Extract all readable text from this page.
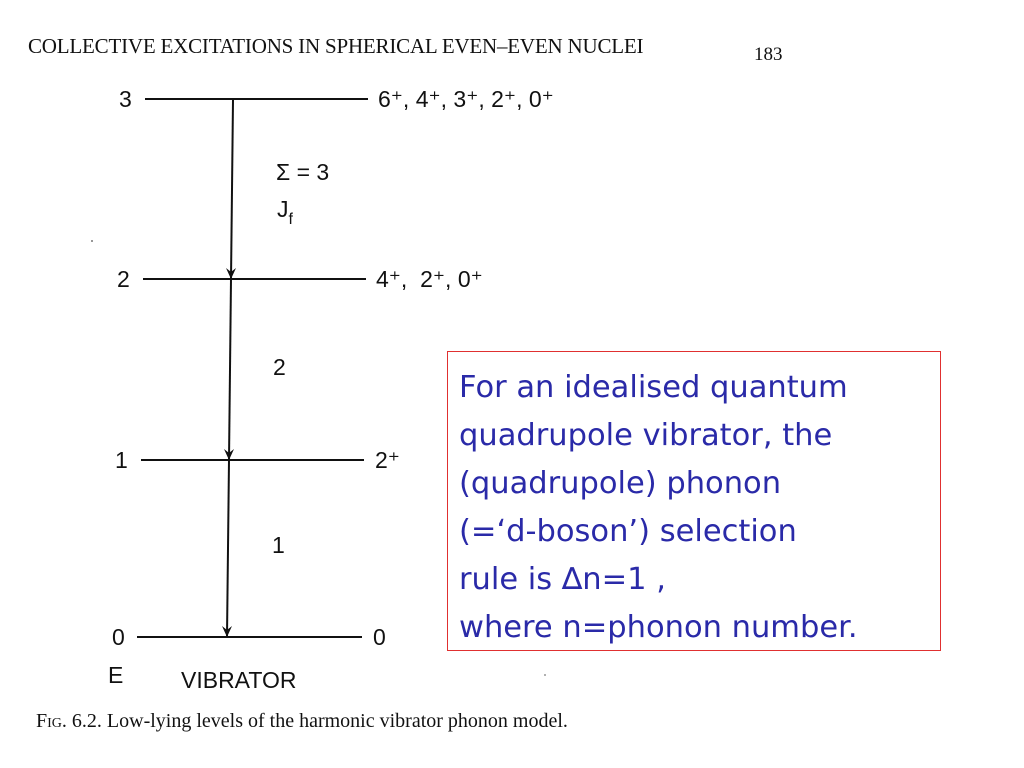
COLLECTIVE EXCITATIONS IN SPHERICAL EVEN–EVEN NUCLEI	183
3
2
1
0
6⁺, 4⁺, 3⁺, 2⁺, 0⁺
4⁺,  2⁺, 0⁺
2⁺
0
Σ = 3
$J_f$
2
1
E	VIBRATOR
Fig. 6.2. Low-lying levels of the harmonic vibrator phonon model.
For an idealised quantum
quadrupole vibrator, the
(quadrupole) phonon
(=‘d-boson’) selection
rule is ∆n=1 ,
where n=phonon number.
